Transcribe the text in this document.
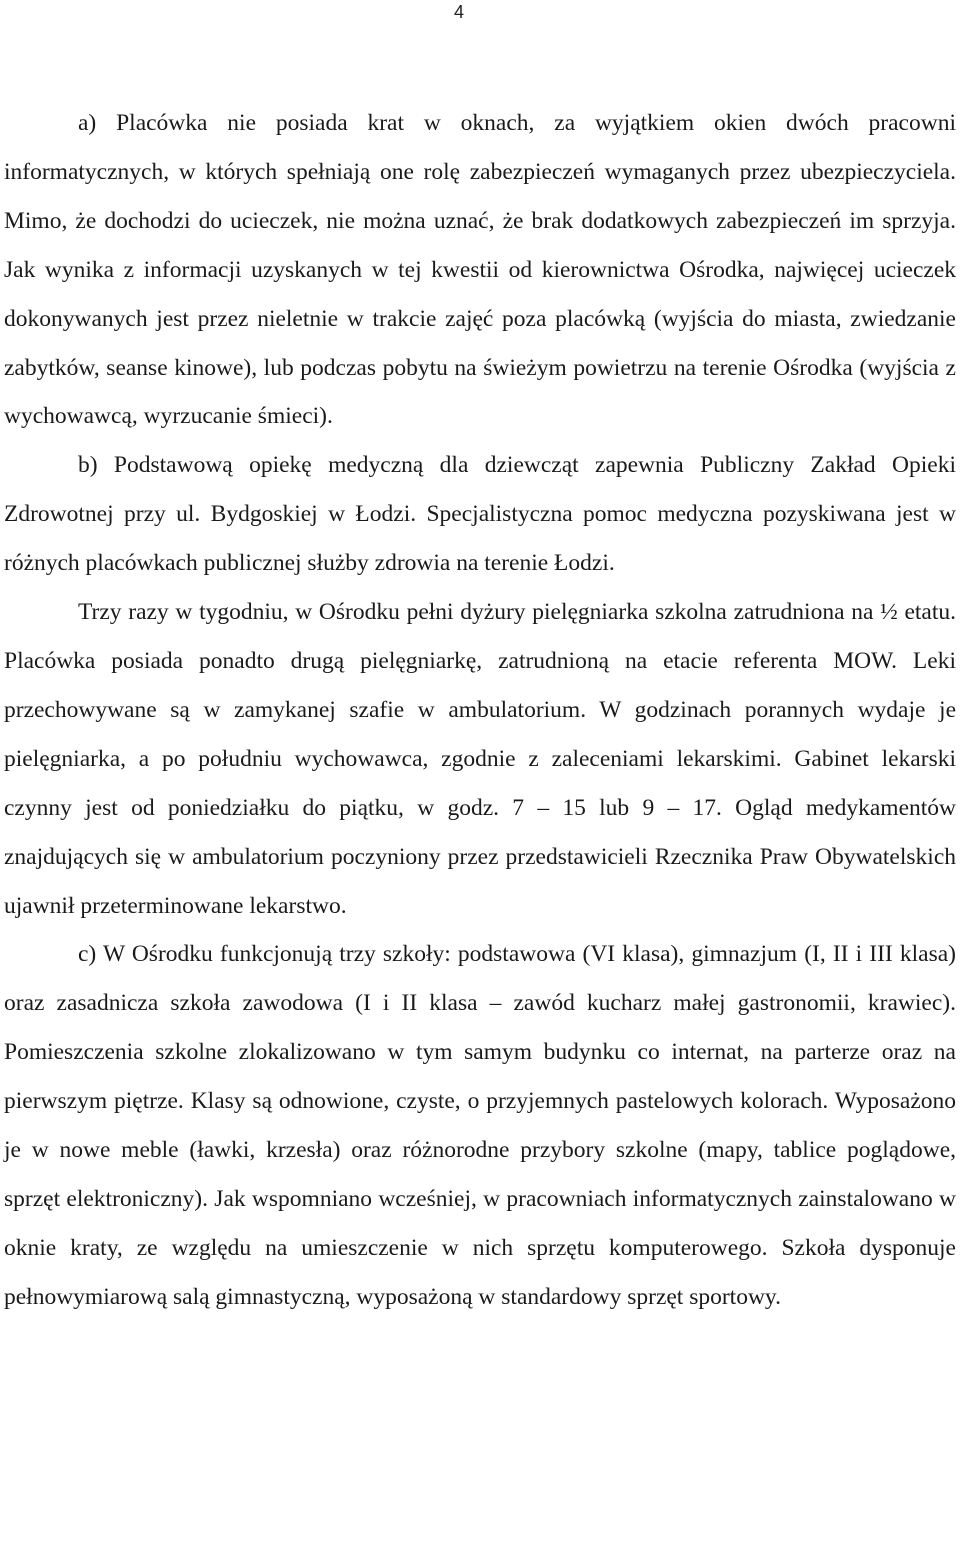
4

a) Placówka nie posiada krat w oknach, za wyjątkiem okien dwóch pracowni informatycznych, w których spełniają one rolę zabezpieczeń wymaganych przez ubezpieczyciela. Mimo, że dochodzi do ucieczek, nie można uznać, że brak dodatkowych zabezpieczeń im sprzyja. Jak wynika z informacji uzyskanych w tej kwestii od kierownictwa Ośrodka, najwięcej ucieczek dokonywanych jest przez nieletnie w trakcie zajęć poza placówką (wyjścia do miasta, zwiedzanie zabytków, seanse kinowe), lub podczas pobytu na świeżym powietrzu na terenie Ośrodka (wyjścia z wychowawcą, wyrzucanie śmieci).

b) Podstawową opiekę medyczną dla dziewcząt zapewnia Publiczny Zakład Opieki Zdrowotnej przy ul. Bydgoskiej w Łodzi. Specjalistyczna pomoc medyczna pozyskiwana jest w różnych placówkach publicznej służby zdrowia na terenie Łodzi.

Trzy razy w tygodniu, w Ośrodku pełni dyżury pielęgniarka szkolna zatrudniona na ½ etatu. Placówka posiada ponadto drugą pielęgniarkę, zatrudnioną na etacie referenta MOW. Leki przechowywane są w zamykanej szafie w ambulatorium. W godzinach porannych wydaje je pielęgniarka, a po południu wychowawca, zgodnie z zaleceniami lekarskimi. Gabinet lekarski czynny jest od poniedziałku do piątku, w godz. 7 – 15 lub 9 – 17. Ogląd medykamentów znajdujących się w ambulatorium poczyniony przez przedstawicieli Rzecznika Praw Obywatelskich ujawnił przeterminowane lekarstwo.

c) W Ośrodku funkcjonują trzy szkoły: podstawowa (VI klasa), gimnazjum (I, II i III klasa) oraz zasadnicza szkoła zawodowa (I i II klasa – zawód kucharz małej gastronomii, krawiec). Pomieszczenia szkolne zlokalizowano w tym samym budynku co internat, na parterze oraz na pierwszym piętrze. Klasy są odnowione, czyste, o przyjemnych pastelowych kolorach. Wyposażono je w nowe meble (ławki, krzesła) oraz różnorodne przybory szkolne (mapy, tablice poglądowe, sprzęt elektroniczny). Jak wspomniano wcześniej, w pracowniach informatycznych zainstalowano w oknie kraty, ze względu na umieszczenie w nich sprzętu komputerowego. Szkoła dysponuje pełnowymiarową salą gimnastyczną, wyposażoną w standardowy sprzęt sportowy.
